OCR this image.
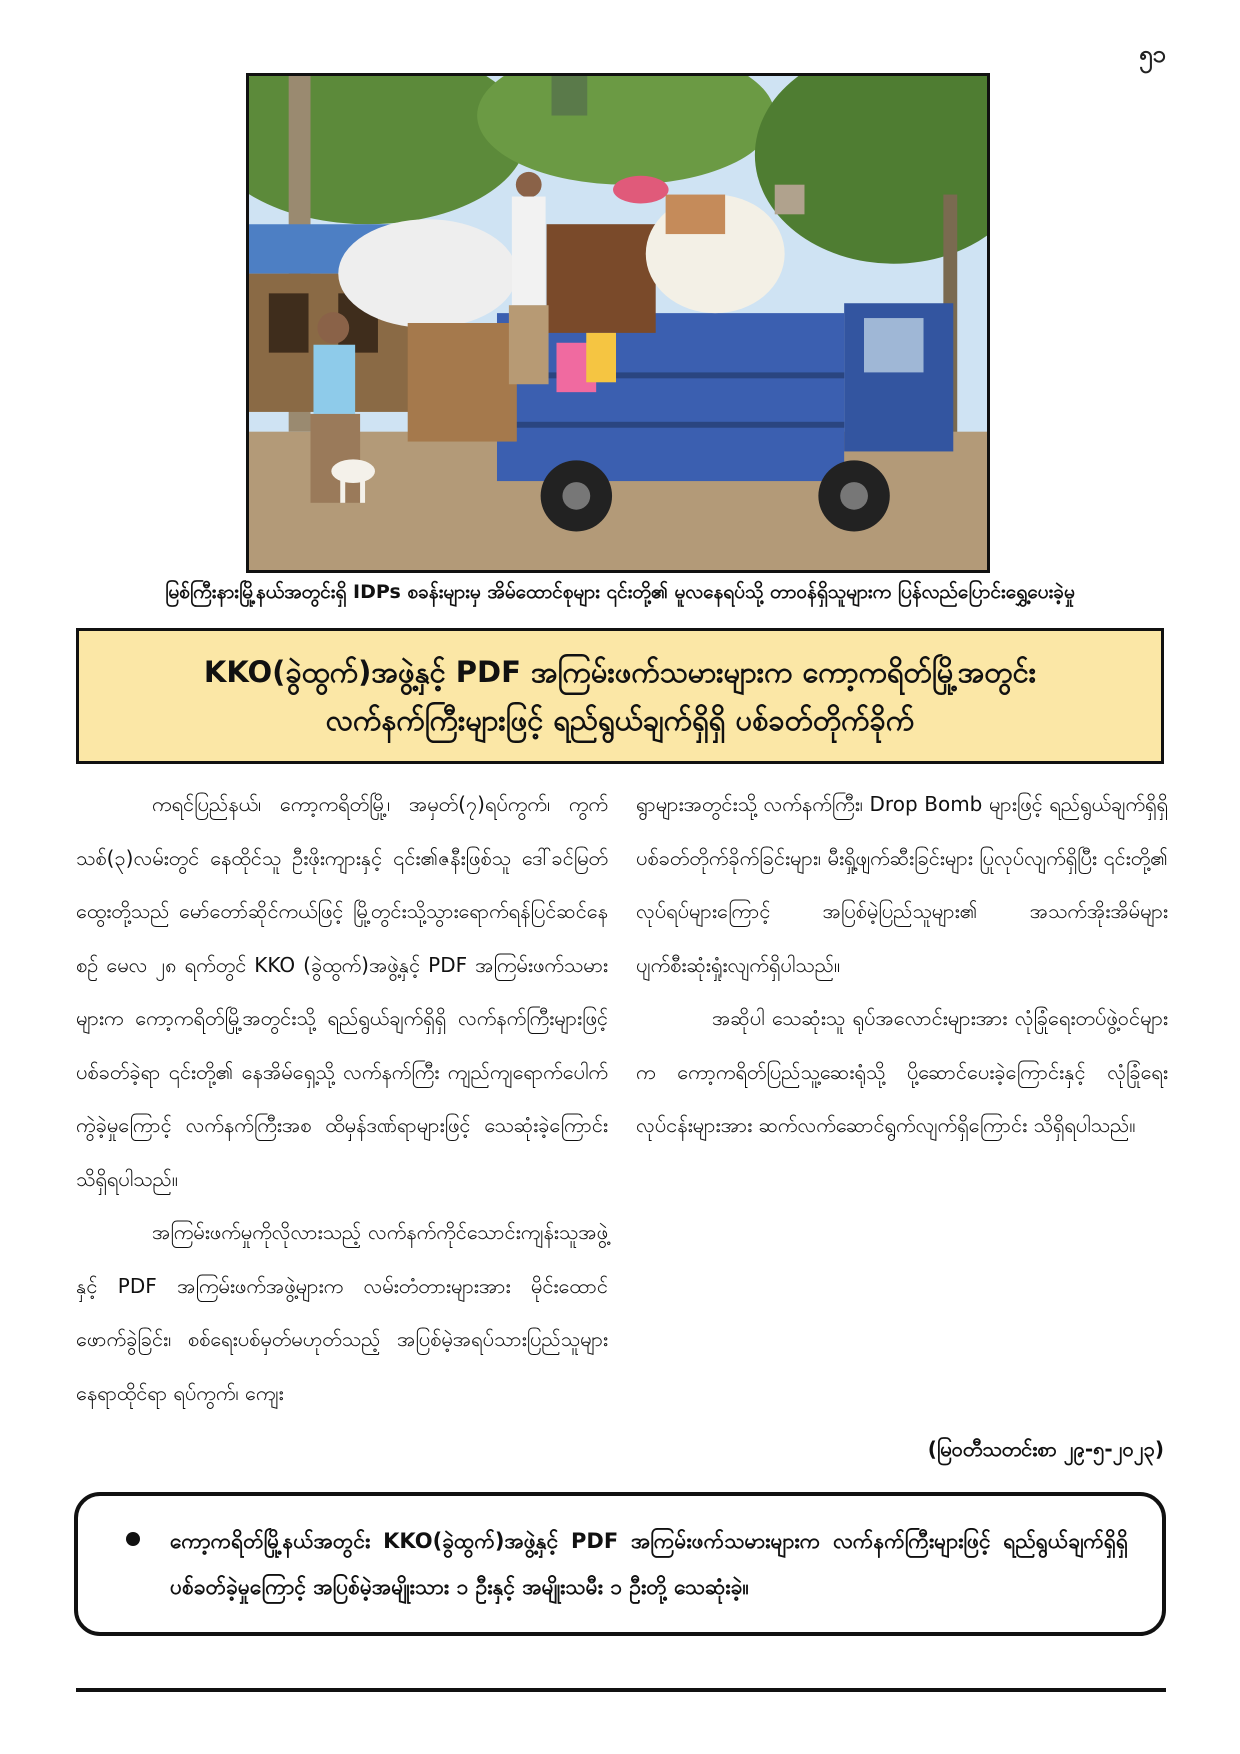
၅၁
မြစ်ကြီးနားမြို့နယ်အတွင်းရှိ IDPs စခန်းများမှ အိမ်ထောင်စုများ ၎င်းတို့၏ မူလနေရပ်သို့ တာဝန်ရှိသူများက ပြန်လည်ပြောင်းရွှေ့ပေးခဲ့မှု
KKO(ခွဲထွက်)အဖွဲ့နှင့် PDF အကြမ်းဖက်သမားများက ကော့ကရိတ်မြို့အတွင်း
လက်နက်ကြီးများဖြင့် ရည်ရွယ်ချက်ရှိရှိ ပစ်ခတ်တိုက်ခိုက်

ကရင်ပြည်နယ်၊ ကော့ကရိတ်မြို့၊ အမှတ်(၇)ရပ်ကွက်၊ ကွက်သစ်(၃)လမ်းတွင် နေထိုင်သူ ဦးဖိုးကျားနှင့် ၎င်း၏ဇနီးဖြစ်သူ ဒေါ်ခင်မြတ်ထွေးတို့သည် မော်တော်ဆိုင်ကယ်ဖြင့် မြို့တွင်းသို့သွားရောက်ရန်ပြင်ဆင်နေစဉ် မေလ ၂၈ ရက်တွင် KKO (ခွဲထွက်)အဖွဲ့နှင့် PDF အကြမ်းဖက်သမားများက ကော့ကရိတ်မြို့အတွင်းသို့ ရည်ရွယ်ချက်ရှိရှိ လက်နက်ကြီးများဖြင့် ပစ်ခတ်ခဲ့ရာ ၎င်းတို့၏ နေအိမ်ရှေ့သို့ လက်နက်ကြီး ကျည်ကျရောက်ပေါက်ကွဲခဲ့မှုကြောင့် လက်နက်ကြီးအစ ထိမှန်ဒဏ်ရာများဖြင့် သေဆုံးခဲ့ကြောင်း သိရှိရပါသည်။

အကြမ်းဖက်မှုကိုလိုလားသည့် လက်နက်ကိုင်သောင်းကျန်းသူအဖွဲ့နှင့် PDF အကြမ်းဖက်အဖွဲ့များက လမ်းတံတားများအား မိုင်းထောင်ဖောက်ခွဲခြင်း၊ စစ်ရေးပစ်မှတ်မဟုတ်သည့် အပြစ်မဲ့အရပ်သားပြည်သူများ နေရာထိုင်ရာ ရပ်ကွက်၊ ကျေး

ရွာများအတွင်းသို့ လက်နက်ကြီး၊ Drop Bomb များဖြင့် ရည်ရွယ်ချက်ရှိရှိ ပစ်ခတ်တိုက်ခိုက်ခြင်းများ၊ မီးရှို့ဖျက်ဆီးခြင်းများ ပြုလုပ်လျက်ရှိပြီး ၎င်းတို့၏ လုပ်ရပ်များကြောင့် အပြစ်မဲ့ပြည်သူများ၏ အသက်အိုးအိမ်များ ပျက်စီးဆုံးရှုံးလျက်ရှိပါသည်။

အဆိုပါ သေဆုံးသူ ရုပ်အလောင်းများအား လုံခြုံရေးတပ်ဖွဲ့ဝင်များက ကော့ကရိတ်ပြည်သူ့ဆေးရုံသို့ ပို့ဆောင်ပေးခဲ့ကြောင်းနှင့် လုံခြုံရေးလုပ်ငန်းများအား ဆက်လက်ဆောင်ရွက်လျက်ရှိကြောင်း သိရှိရပါသည်။

(မြဝတီသတင်းစာ ၂၉-၅-၂၀၂၃)
ကော့ကရိတ်မြို့နယ်အတွင်း KKO(ခွဲထွက်)အဖွဲ့နှင့် PDF အကြမ်းဖက်သမားများက လက်နက်ကြီးများဖြင့် ရည်ရွယ်ချက်ရှိရှိ ပစ်ခတ်ခဲ့မှုကြောင့် အပြစ်မဲ့အမျိုးသား ၁ ဦးနှင့် အမျိုးသမီး ၁ ဦးတို့ သေဆုံးခဲ့။
